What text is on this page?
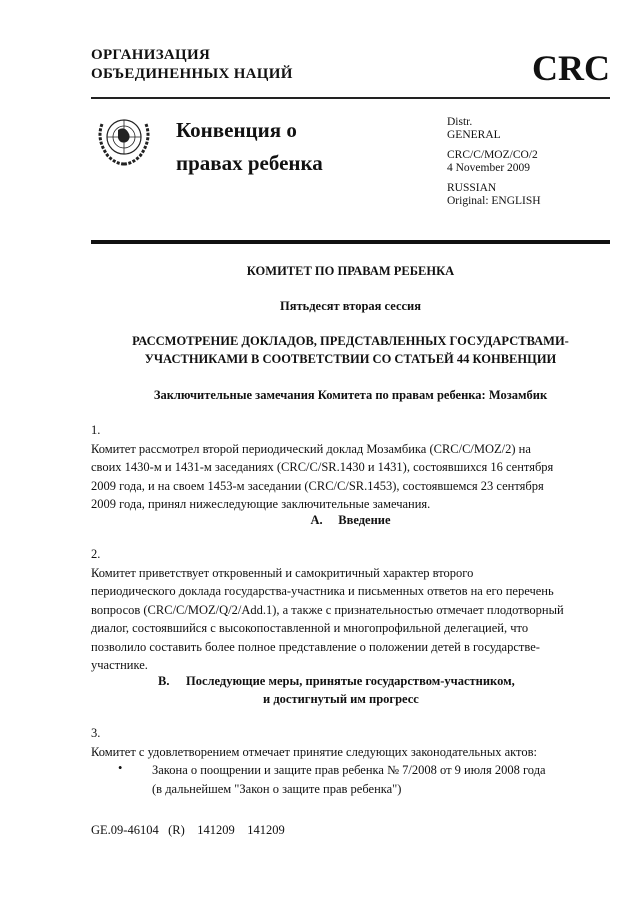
ОРГАНИЗАЦИЯ
ОБЪЕДИНЕННЫХ НАЦИЙ	CRC
Конвенция о
правах ребенка

Distr.
GENERAL

CRC/C/MOZ/CO/2
4 November 2009

RUSSIAN
Original: ENGLISH

КОМИТЕТ ПО ПРАВАМ РЕБЕНКА
Пятьдесят вторая сессия
РАССМОТРЕНИЕ ДОКЛАДОВ, ПРЕДСТАВЛЕННЫХ ГОСУДАРСТВАМИ-
УЧАСТНИКАМИ В СООТВЕТСТВИИ СО СТАТЬЕЙ 44 КОНВЕНЦИИ
Заключительные замечания Комитета по правам ребенка: Мозамбик
1.
Комитет рассмотрел второй периодический доклад Мозамбика (CRC/C/MOZ/2) на
своих 1430-м и 1431-м заседаниях (CRC/C/SR.1430 и 1431), состоявшихся 16 сентября
2009 года, и на своем 1453-м заседании (CRC/C/SR.1453), состоявшемся 23 сентября
2009 года, принял нижеследующие заключительные замечания.
A. Введение
2.
Комитет приветствует откровенный и самокритичный характер второго
периодического доклада государства-участника и письменных ответов на его перечень
вопросов (CRC/C/MOZ/Q/2/Add.1), а также с признательностью отмечает плодотворный
диалог, состоявшийся с высокопоставленной и многопрофильной делегацией, что
позволило составить более полное представление о положении детей в государстве-
участнике.
B. Последующие меры, принятые государством-участником,
и достигнутый им прогресс
3.
Комитет с удовлетворением отмечает принятие следующих законодательных актов:
• Закона о поощрении и защите прав ребенка № 7/2008 от 9 июля 2008 года
(в дальнейшем "Закон о защите прав ребенка")
GE.09-46104   (R)    141209    141209
